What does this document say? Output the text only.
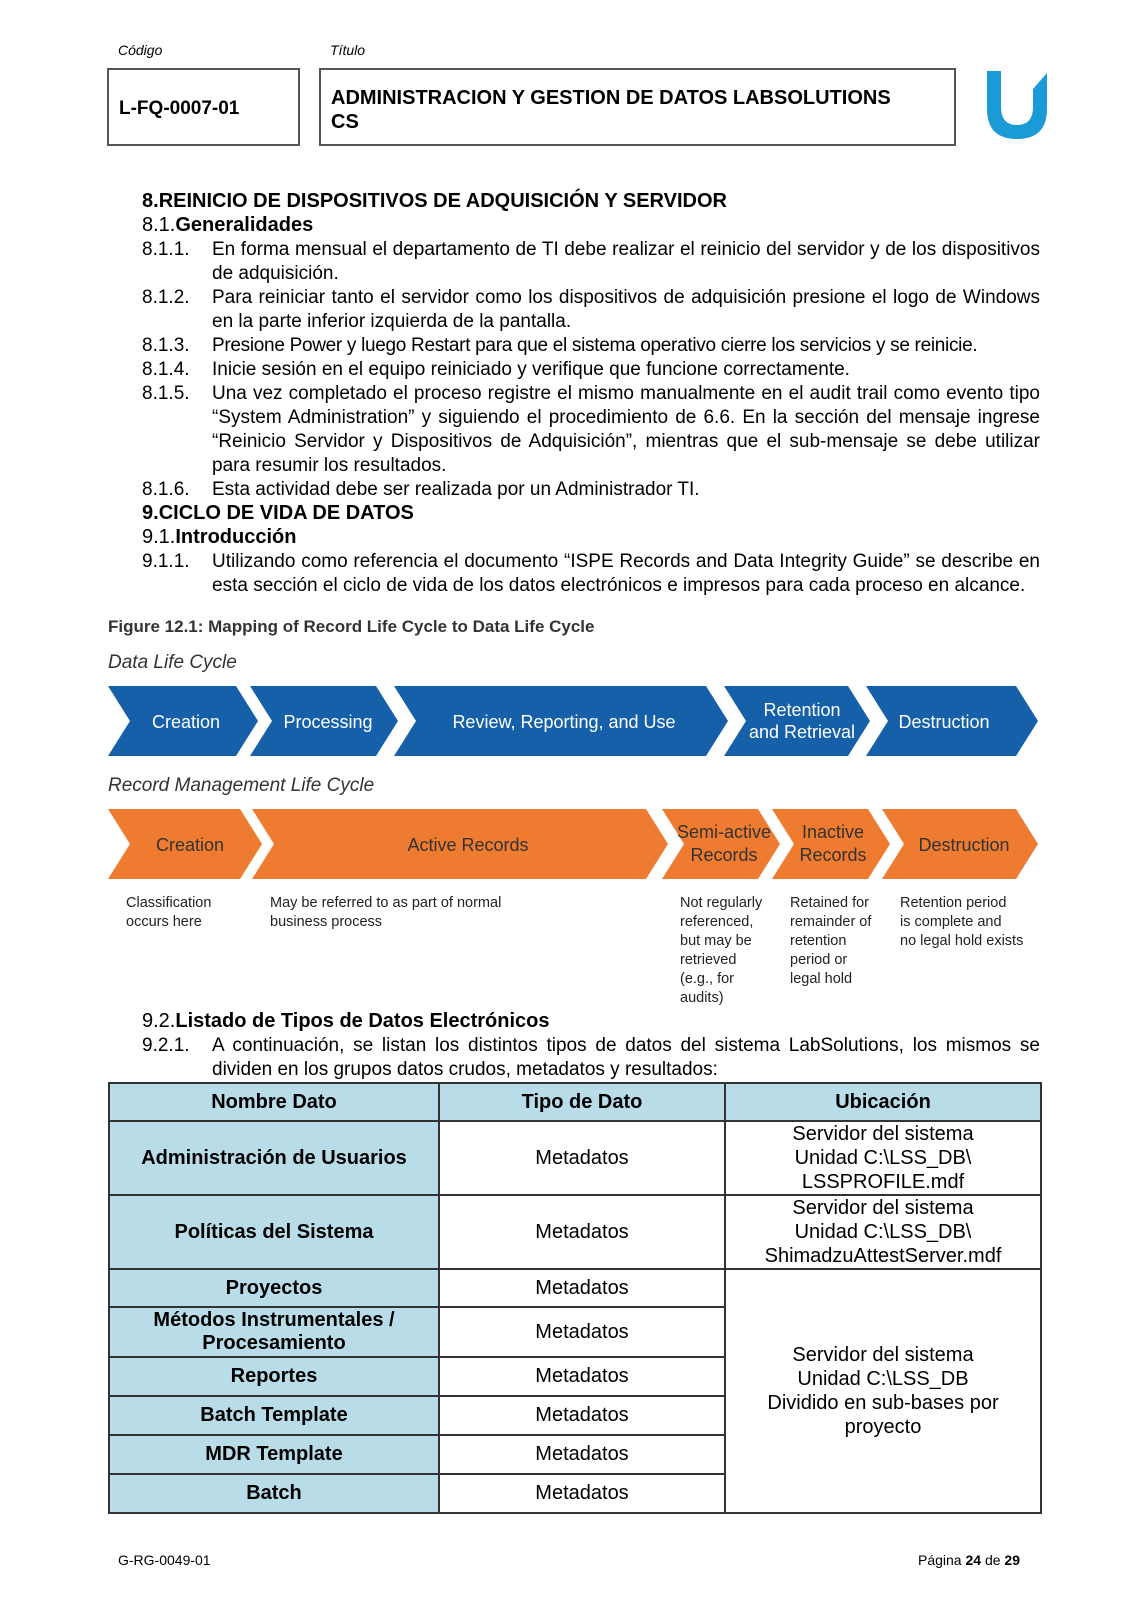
Código	Título
L-FQ-0007-01	ADMINISTRACION Y GESTION DE DATOS LABSOLUTIONS
CS
8.REINICIO DE DISPOSITIVOS DE ADQUISICIÓN Y SERVIDOR
8.1.Generalidades
8.1.1. En forma mensual el departamento de TI debe realizar el reinicio del servidor y de los dispositivos de adquisición.
8.1.2. Para reiniciar tanto el servidor como los dispositivos de adquisición presione el logo de Windows en la parte inferior izquierda de la pantalla.
8.1.3. Presione Power y luego Restart para que el sistema operativo cierre los servicios y se reinicie.
8.1.4. Inicie sesión en el equipo reiniciado y verifique que funcione correctamente.
8.1.5. Una vez completado el proceso registre el mismo manualmente en el audit trail como evento tipo “System Administration” y siguiendo el procedimiento de 6.6. En la sección del mensaje ingrese “Reinicio Servidor y Dispositivos de Adquisición”, mientras que el sub-mensaje se debe utilizar para resumir los resultados.
8.1.6. Esta actividad debe ser realizada por un Administrador TI.
9.CICLO DE VIDA DE DATOS
9.1.Introducción
9.1.1. Utilizando como referencia el documento “ISPE Records and Data Integrity Guide” se describe en esta sección el ciclo de vida de los datos electrónicos e impresos para cada proceso en alcance.
Figure 12.1: Mapping of Record Life Cycle to Data Life Cycle
Data Life Cycle
Creation	Processing	Review, Reporting, and Use
Retention
and Retrieval Destruction
Record Management Life Cycle
Creation	Active Records
Semi-active
Records
Inactive
Records	Destruction
Classification
occurs here
May be referred to as part of normal
business process
Not regularly
referenced,
but may be
retrieved
(e.g., for
audits)
Retained for
remainder of
retention
period or
legal hold
Retention period
is complete and
no legal hold exists
9.2.Listado de Tipos de Datos Electrónicos
9.2.1. A continuación, se listan los distintos tipos de datos del sistema LabSolutions, los mismos se dividen en los grupos datos crudos, metadatos y resultados:
Nombre Dato	Tipo de Dato	Ubicación
Administración de Usuarios	Metadatos	Servidor del sistema
Unidad C:\LSS_DB\
LSSPROFILE.mdf

Políticas del Sistema	Metadatos	Servidor del sistema
Unidad C:\LSS_DB\
ShimadzuAttestServer.mdf

Proyectos	Metadatos	Servidor del sistema
Unidad C:\LSS_DB
Dividido en sub-bases por
proyecto

Métodos Instrumentales /
Procesamiento	Metadatos	
Reportes	Metadatos	
Batch Template	Metadatos	
MDR Template	Metadatos	
Batch	Metadatos	
G-RG-0049-01	Página 24 de 29
